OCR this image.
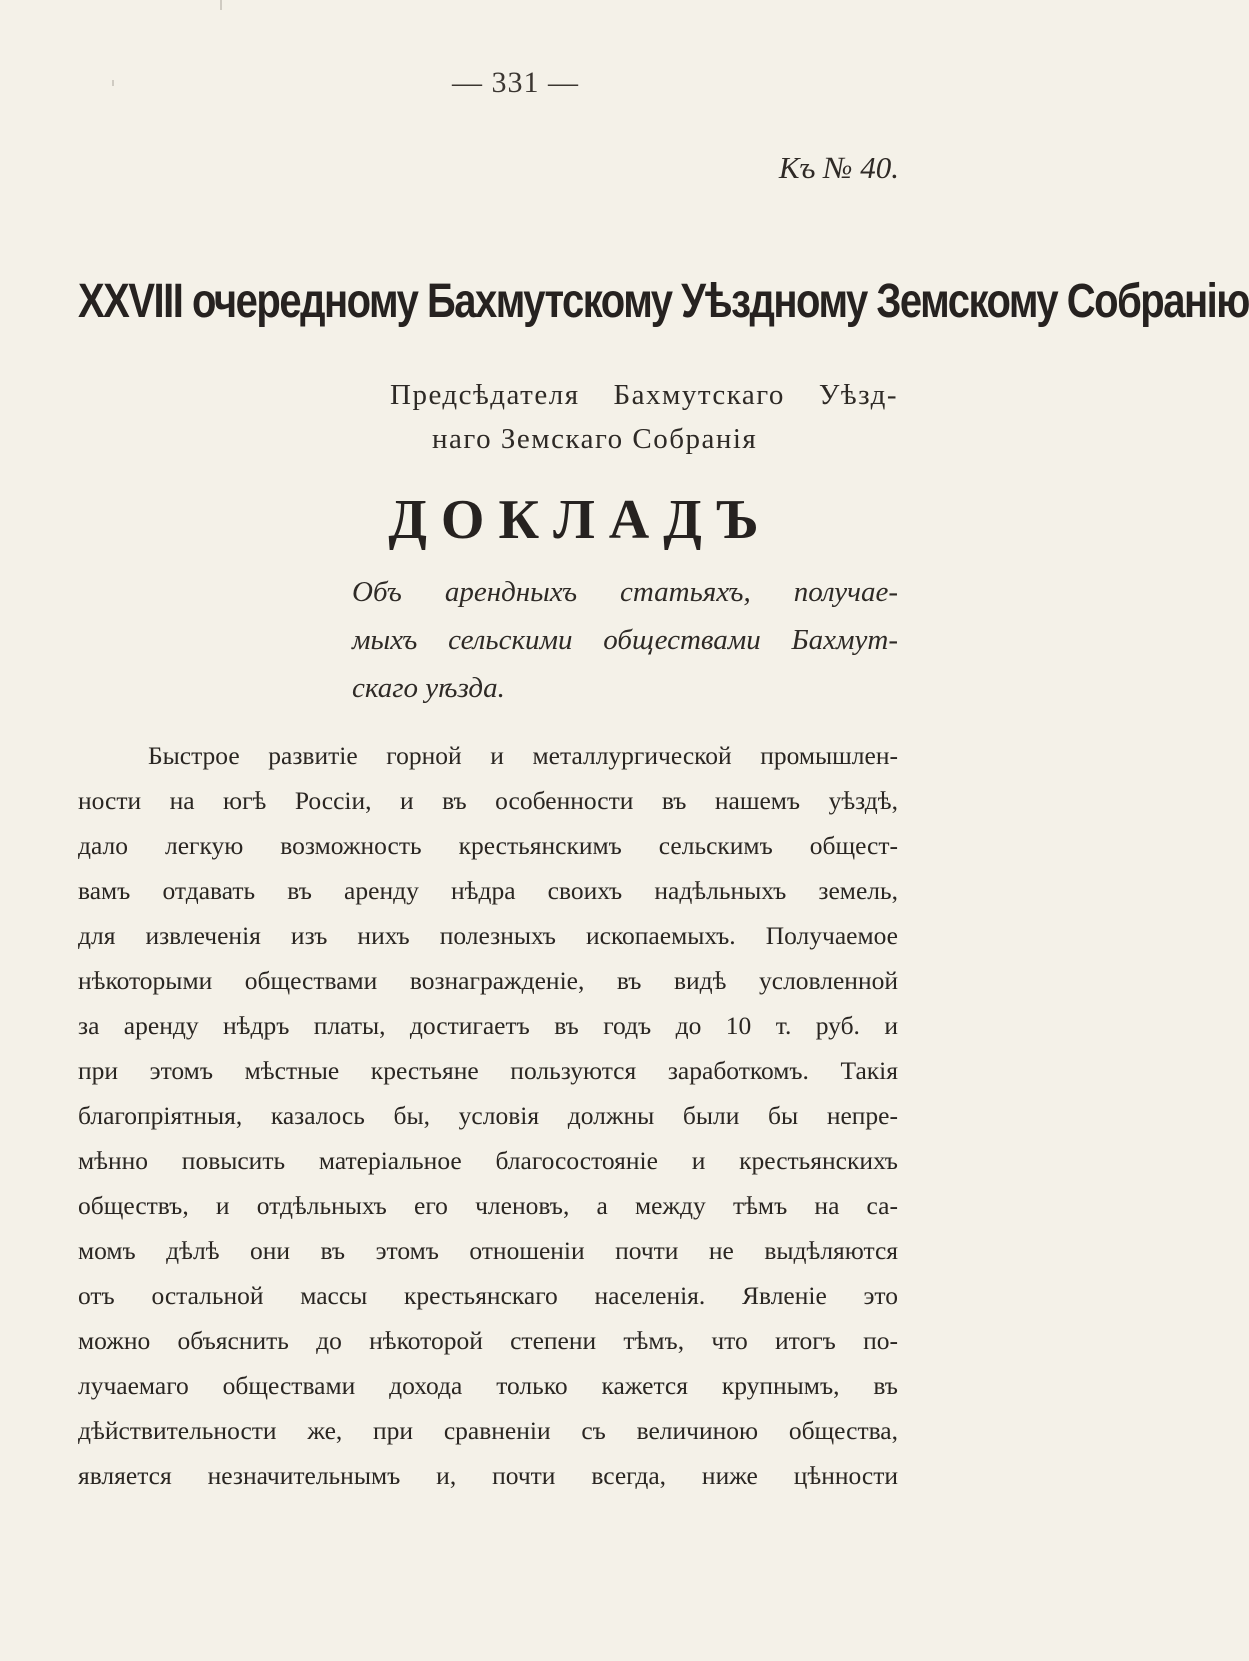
— 331 —
Къ № 40.
XXVIII очередному Бахмутскому Уѣздному Земскому Собранію
Предсѣдателя Бахмутскаго Уѣзд-
наго Земскаго Собранія
ДОКЛАДЪ
Объ арендныхъ статьяхъ, получае-
мыхъ сельскими обществами Бахмут-
скаго уѣзда.
Быстрое развитіе горной и металлургической промышлен-
ности на югѣ Россіи, и въ особенности въ нашемъ уѣздѣ,
дало легкую возможность крестьянскимъ сельскимъ общест-
вамъ отдавать въ аренду нѣдра своихъ надѣльныхъ земель,
для извлеченія изъ нихъ полезныхъ ископаемыхъ. Получаемое
нѣкоторыми обществами вознагражденіе, въ видѣ условленной
за аренду нѣдръ платы, достигаетъ въ годъ до 10 т. руб. и
при этомъ мѣстные крестьяне пользуются заработкомъ. Такія
благопріятныя, казалось бы, условія должны были бы непре-
мѣнно повысить матеріальное благосостояніе и крестьянскихъ
обществъ, и отдѣльныхъ его членовъ, а между тѣмъ на са-
момъ дѣлѣ они въ этомъ отношеніи почти не выдѣляются
отъ остальной массы крестьянскаго населенія. Явленіе это
можно объяснить до нѣкоторой степени тѣмъ, что итогъ по-
лучаемаго обществами дохода только кажется крупнымъ, въ
дѣйствительности же, при сравненіи съ величиною общества,
является незначительнымъ и, почти всегда, ниже цѣнности
